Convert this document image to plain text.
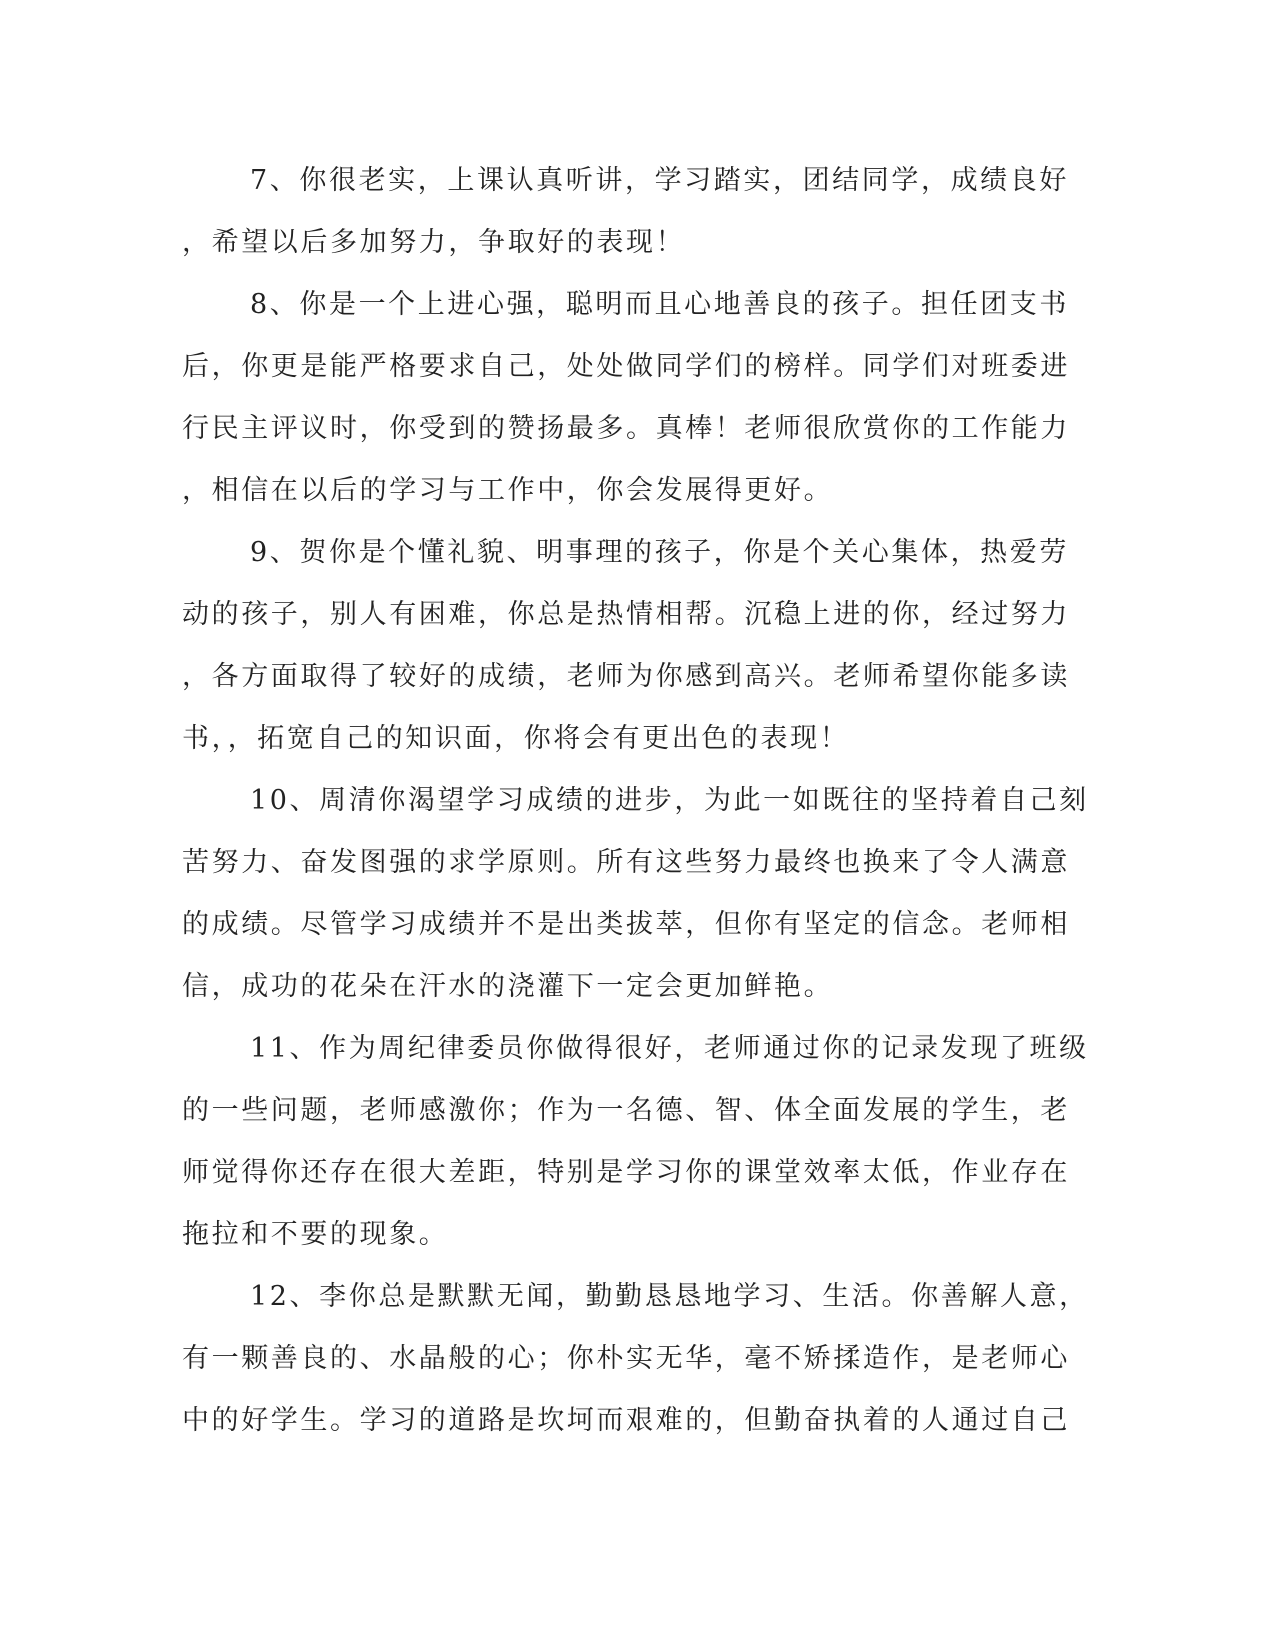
7、你很老实，上课认真听讲，学习踏实，团结同学，成绩良好
，希望以后多加努力，争取好的表现！
8、你是一个上进心强，聪明而且心地善良的孩子。担任团支书
后，你更是能严格要求自己，处处做同学们的榜样。同学们对班委进
行民主评议时，你受到的赞扬最多。真棒！老师很欣赏你的工作能力
，相信在以后的学习与工作中，你会发展得更好。
9、贺你是个懂礼貌、明事理的孩子，你是个关心集体，热爱劳
动的孩子，别人有困难，你总是热情相帮。沉稳上进的你，经过努力
，各方面取得了较好的成绩，老师为你感到高兴。老师希望你能多读
书，，拓宽自己的知识面，你将会有更出色的表现！
10、周清你渴望学习成绩的进步，为此一如既往的坚持着自己刻
苦努力、奋发图强的求学原则。所有这些努力最终也换来了令人满意
的成绩。尽管学习成绩并不是出类拔萃，但你有坚定的信念。老师相
信，成功的花朵在汗水的浇灌下一定会更加鲜艳。
11、作为周纪律委员你做得很好，老师通过你的记录发现了班级
的一些问题，老师感激你；作为一名德、智、体全面发展的学生，老
师觉得你还存在很大差距，特别是学习你的课堂效率太低，作业存在
拖拉和不要的现象。
12、李你总是默默无闻，勤勤恳恳地学习、生活。你善解人意，
有一颗善良的、水晶般的心；你朴实无华，毫不矫揉造作，是老师心
中的好学生。学习的道路是坎坷而艰难的，但勤奋执着的人通过自己
